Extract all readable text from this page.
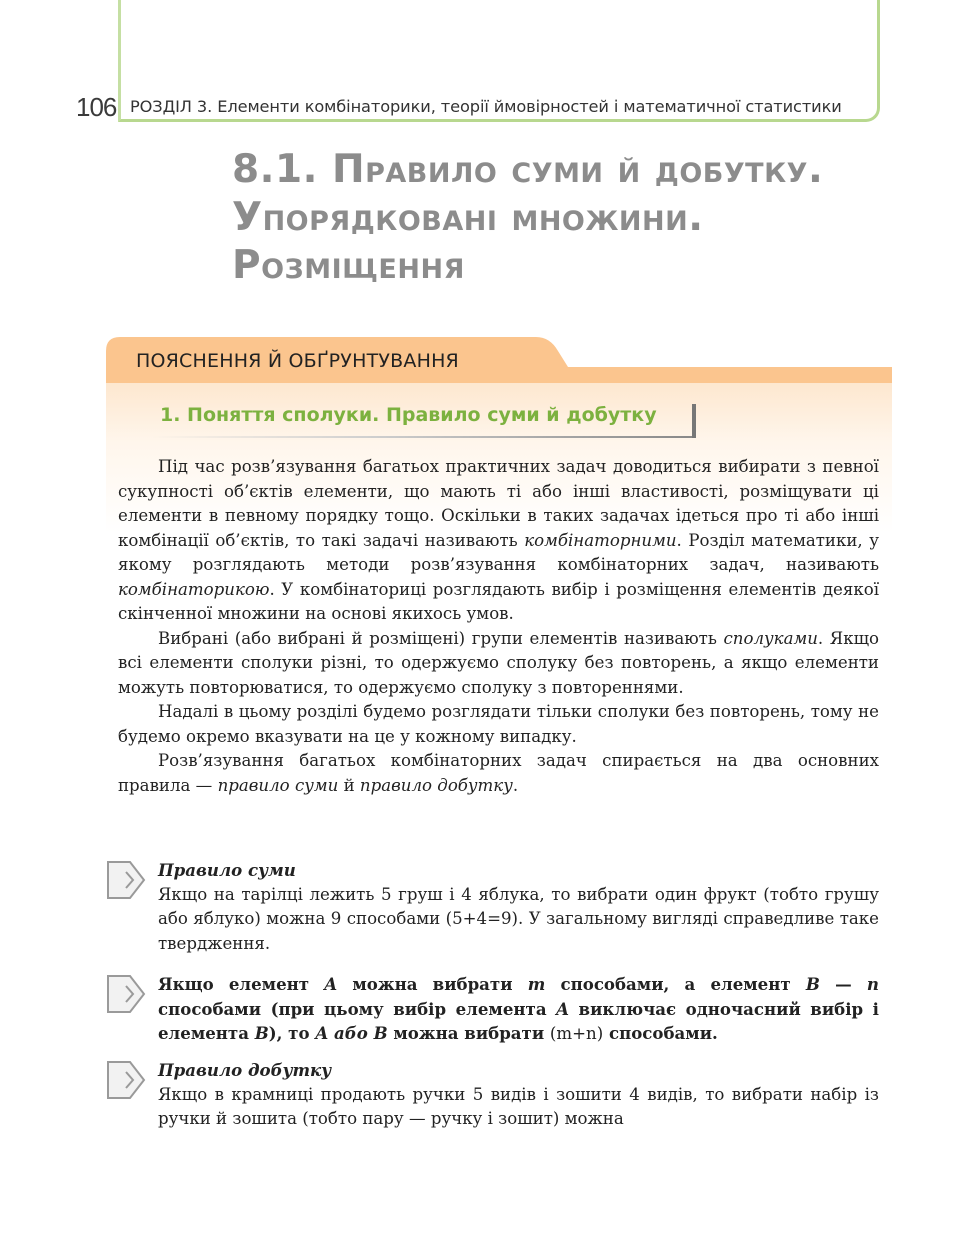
106 РОЗДІЛ 3. Елементи комбінаторики, теорії ймовірностей і математичної статистики
8.1. Правило суми й добутку.
Упорядковані множини.
Розміщення
ПОЯСНЕННЯ Й ОБҐРУНТУВАННЯ
1. Поняття сполуки. Правило суми й добутку

Під час розв’язування багатьох практичних задач доводиться вибирати з певної сукупності об’єктів елементи, що мають ті або інші властивості, розміщувати ці елементи в певному порядку тощо. Оскільки в таких задачах ідеться про ті або інші комбінації об’єктів, то такі задачі називають комбінаторними. Розділ математики, у якому розглядають методи розв’язування комбінаторних задач, називають комбінаторикою. У комбінаториці розглядають вибір і розміщення елементів деякої скінченної множини на основі якихось умов.

Вибрані (або вибрані й розміщені) групи елементів називають сполуками. Якщо всі елементи сполуки різні, то одержуємо сполуку без повторень, а якщо елементи можуть повторюватися, то одержуємо сполуку з повтореннями.

Надалі в цьому розділі будемо розглядати тільки сполуки без повторень, тому не будемо окремо вказувати на це у кожному випадку.

Розв’язування багатьох комбінаторних задач спирається на два основних правила — правило суми й правило добутку.

Правило суми
Якщо на тарілці лежить 5 груш і 4 яблука, то вибрати один фрукт (тобто грушу або яблуко) можна 9 способами (5+4=9). У загальному вигляді справедливе таке твердження.
Якщо елемент A можна вибрати m способами, а елемент B — n способами (при цьому вибір елемента A виключає одночасний вибір і елемента B), то A або B можна вибрати (m+n) способами.
Правило добутку
Якщо в крамниці продають ручки 5 видів і зошити 4 видів, то вибрати набір із ручки й зошита (тобто пару — ручку і зошит) можна
